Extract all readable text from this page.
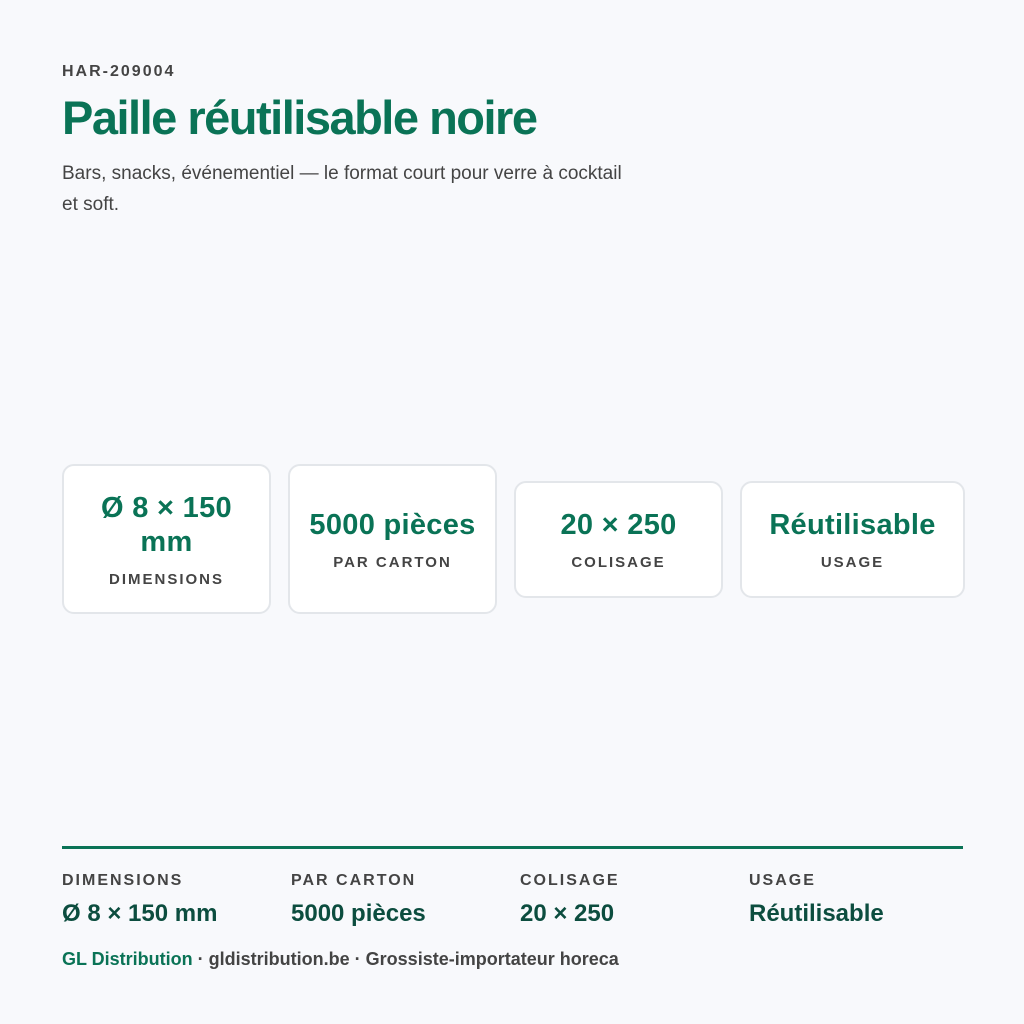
HAR-209004
Paille réutilisable noire

Bars, snacks, événementiel — le format court pour verre à cocktail et soft.

Ø 8 × 150 mm
DIMENSIONS
5000 pièces
PAR CARTON
20 × 250
COLISAGE
Réutilisable
USAGE
DIMENSIONS
Ø 8 × 150 mm
PAR CARTON
5000 pièces
COLISAGE
20 × 250
USAGE
Réutilisable
GL Distribution · gldistribution.be · Grossiste-importateur horeca
